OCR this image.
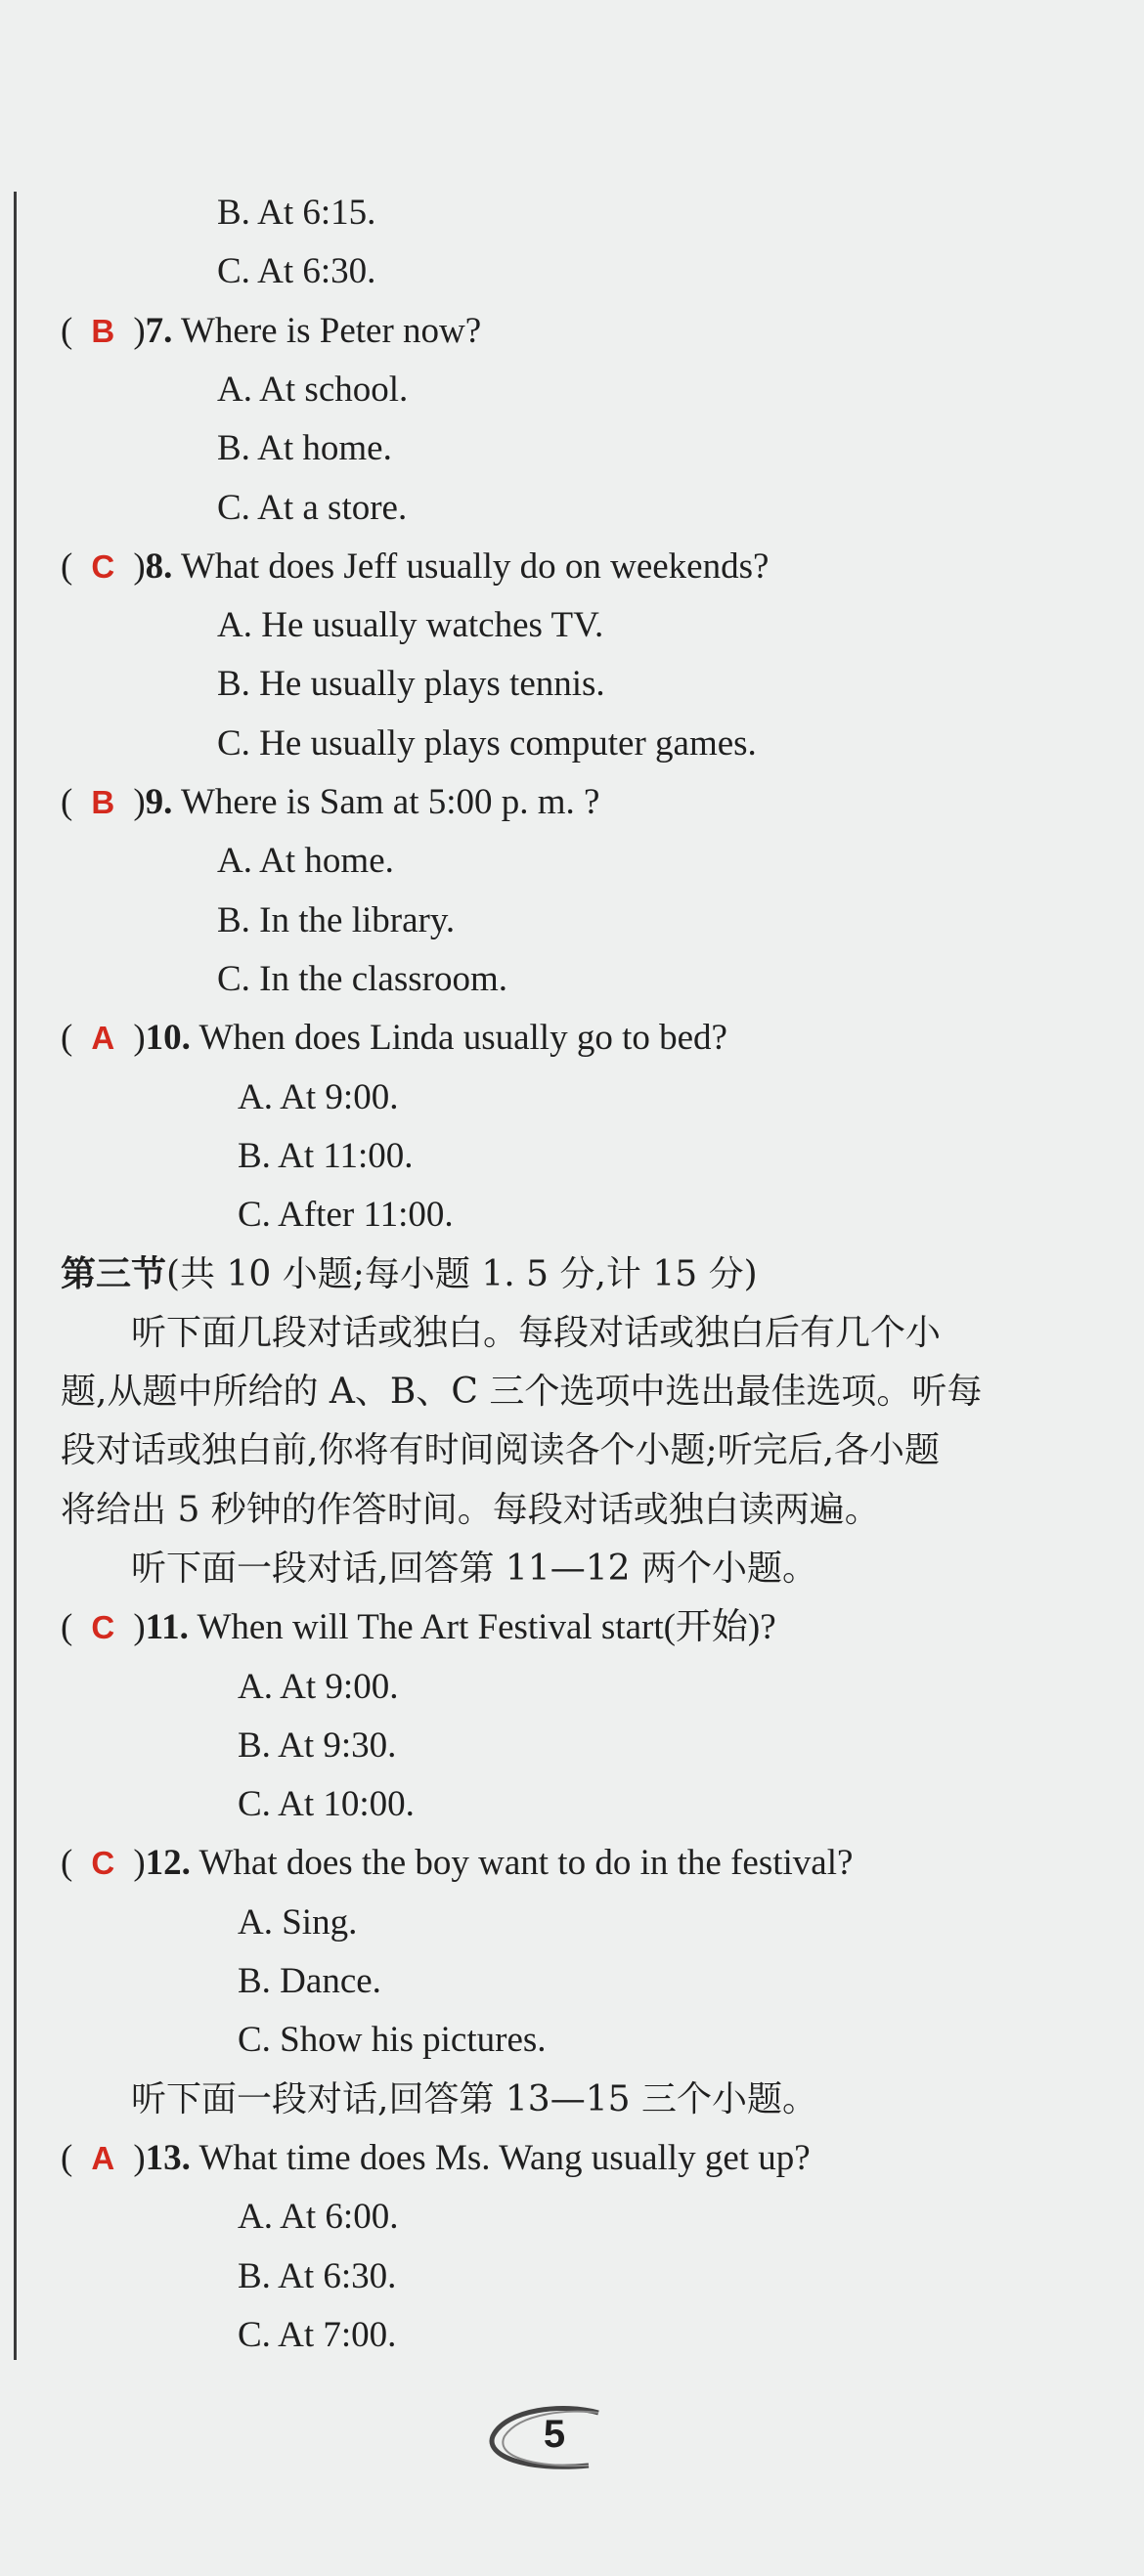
B. At 6:15.
C. At 6:30.
( B )7. Where is Peter now?
A. At school.
B. At home.
C. At a store.
( C )8. What does Jeff usually do on weekends?
A. He usually watches TV.
B. He usually plays tennis.
C. He usually plays computer games.
( B )9. Where is Sam at 5:00 p. m. ?
A. At home.
B. In the library.
C. In the classroom.
( A )10. When does Linda usually go to bed?
A. At 9:00.
B. At 11:00.
C. After 11:00.
第三节(共 10 小题;每小题 1. 5 分,计 15 分)
　　听下面几段对话或独白。每段对话或独白后有几个小
题,从题中所给的 A、B、C 三个选项中选出最佳选项。听每
段对话或独白前,你将有时间阅读各个小题;听完后,各小题
将给出 5 秒钟的作答时间。每段对话或独白读两遍。
　　听下面一段对话,回答第 11—12 两个小题。
( C )11. When will The Art Festival start(开始)?
A. At 9:00.
B. At 9:30.
C. At 10:00.
( C )12. What does the boy want to do in the festival?
A. Sing.
B. Dance.
C. Show his pictures.
　　听下面一段对话,回答第 13—15 三个小题。
( A )13. What time does Ms. Wang usually get up?
A. At 6:00.
B. At 6:30.
C. At 7:00.
5
